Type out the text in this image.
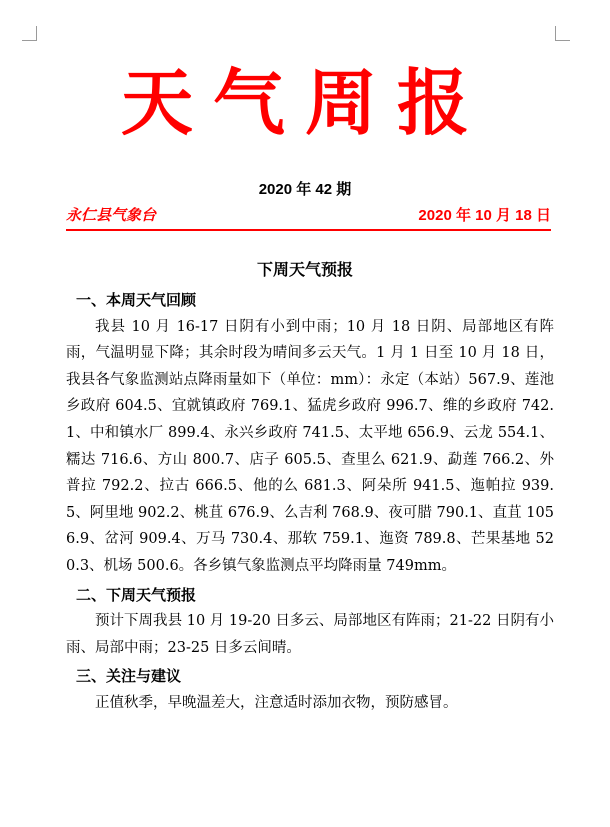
天气周报
2020 年 42 期
永仁县气象台	2020 年 10 月 18 日
下周天气预报

一、本周天气回顾

我县 10 月 16-17 日阴有小到中雨；10 月 18 日阴、局部地区有阵雨，气温明显下降；其余时段为晴间多云天气。1 月 1 日至 10 月 18 日，我县各气象监测站点降雨量如下（单位：mm）：永定（本站）567.9、莲池乡政府 604.5、宜就镇政府 769.1、猛虎乡政府 996.7、维的乡政府 742.1、中和镇水厂 899.4、永兴乡政府 741.5、太平地 656.9、云龙 554.1、糯达 716.6、方山 800.7、店子 605.5、查里么 621.9、勐莲 766.2、外普拉 792.2、拉古 666.5、他的么 681.3、阿朵所 941.5、迤帕拉 939.5、阿里地 902.2、桃苴 676.9、么吉利 768.9、夜可腊 790.1、直苴 1056.9、岔河 909.4、万马 730.4、那软 759.1、迤资 789.8、芒果基地 520.3、机场 500.6。各乡镇气象监测点平均降雨量 749mm。

二、下周天气预报

预计下周我县 10 月 19-20 日多云、局部地区有阵雨；21-22 日阴有小雨、局部中雨；23-25 日多云间晴。

三、关注与建议

正值秋季，早晚温差大，注意适时添加衣物，预防感冒。
